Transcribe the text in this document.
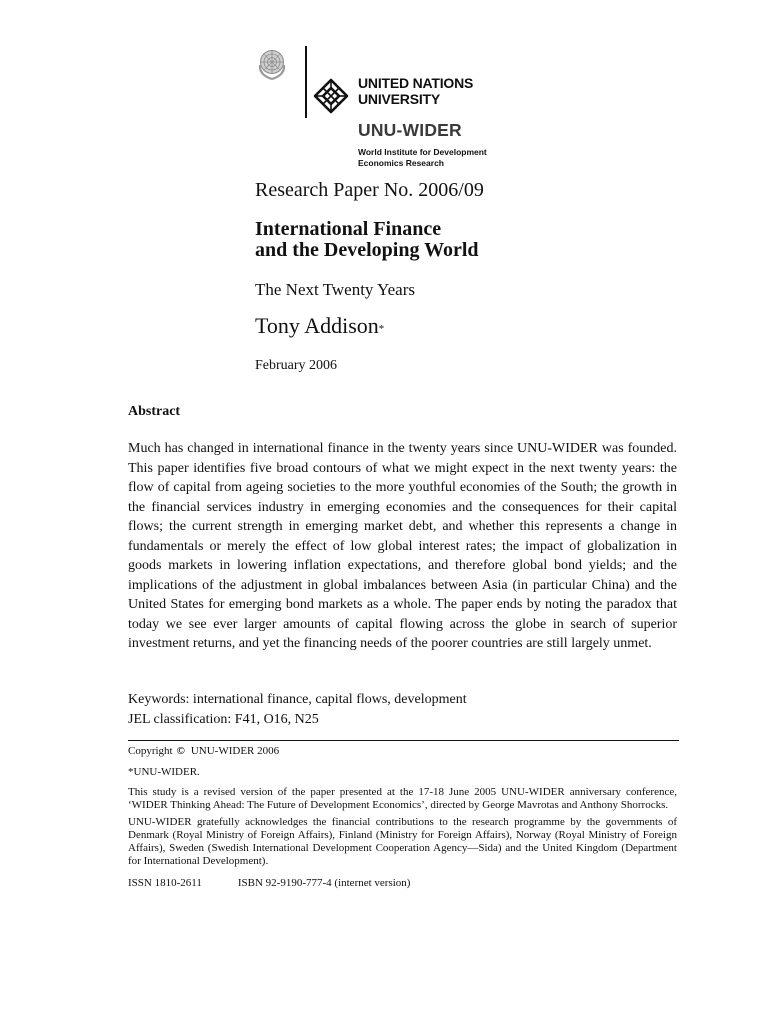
UNITED NATIONS
UNIVERSITY
UNU-WIDER
World Institute for Development
Economics Research
Research Paper No. 2006/09
International Finance
and the Developing World
The Next Twenty Years
Tony Addison*
February 2006
Abstract

Much has changed in international finance in the twenty years since UNU-WIDER was founded. This paper identifies five broad contours of what we might expect in the next twenty years: the flow of capital from ageing societies to the more youthful economies of the South; the growth in the financial services industry in emerging economies and the consequences for their capital flows; the current strength in emerging market debt, and whether this represents a change in fundamentals or merely the effect of low global interest rates; the impact of globalization in goods markets in lowering inflation expectations, and therefore global bond yields; and the implications of the adjustment in global imbalances between Asia (in particular China) and the United States for emerging bond markets as a whole. The paper ends by noting the paradox that today we see ever larger amounts of capital flowing across the globe in search of superior investment returns, and yet the financing needs of the poorer countries are still largely unmet.

Keywords: international finance, capital flows, development
JEL classification: F41, O16, N25

Copyright © UNU-WIDER 2006

*UNU-WIDER.

This study is a revised version of the paper presented at the 17-18 June 2005 UNU-WIDER anniversary conference, ‘WIDER Thinking Ahead: The Future of Development Economics’, directed by George Mavrotas and Anthony Shorrocks.

UNU-WIDER gratefully acknowledges the financial contributions to the research programme by the governments of Denmark (Royal Ministry of Foreign Affairs), Finland (Ministry for Foreign Affairs), Norway (Royal Ministry of Foreign Affairs), Sweden (Swedish International Development Cooperation Agency—Sida) and the United Kingdom (Department for International Development).

ISSN 1810-2611	ISBN 92-9190-777-4 (internet version)
